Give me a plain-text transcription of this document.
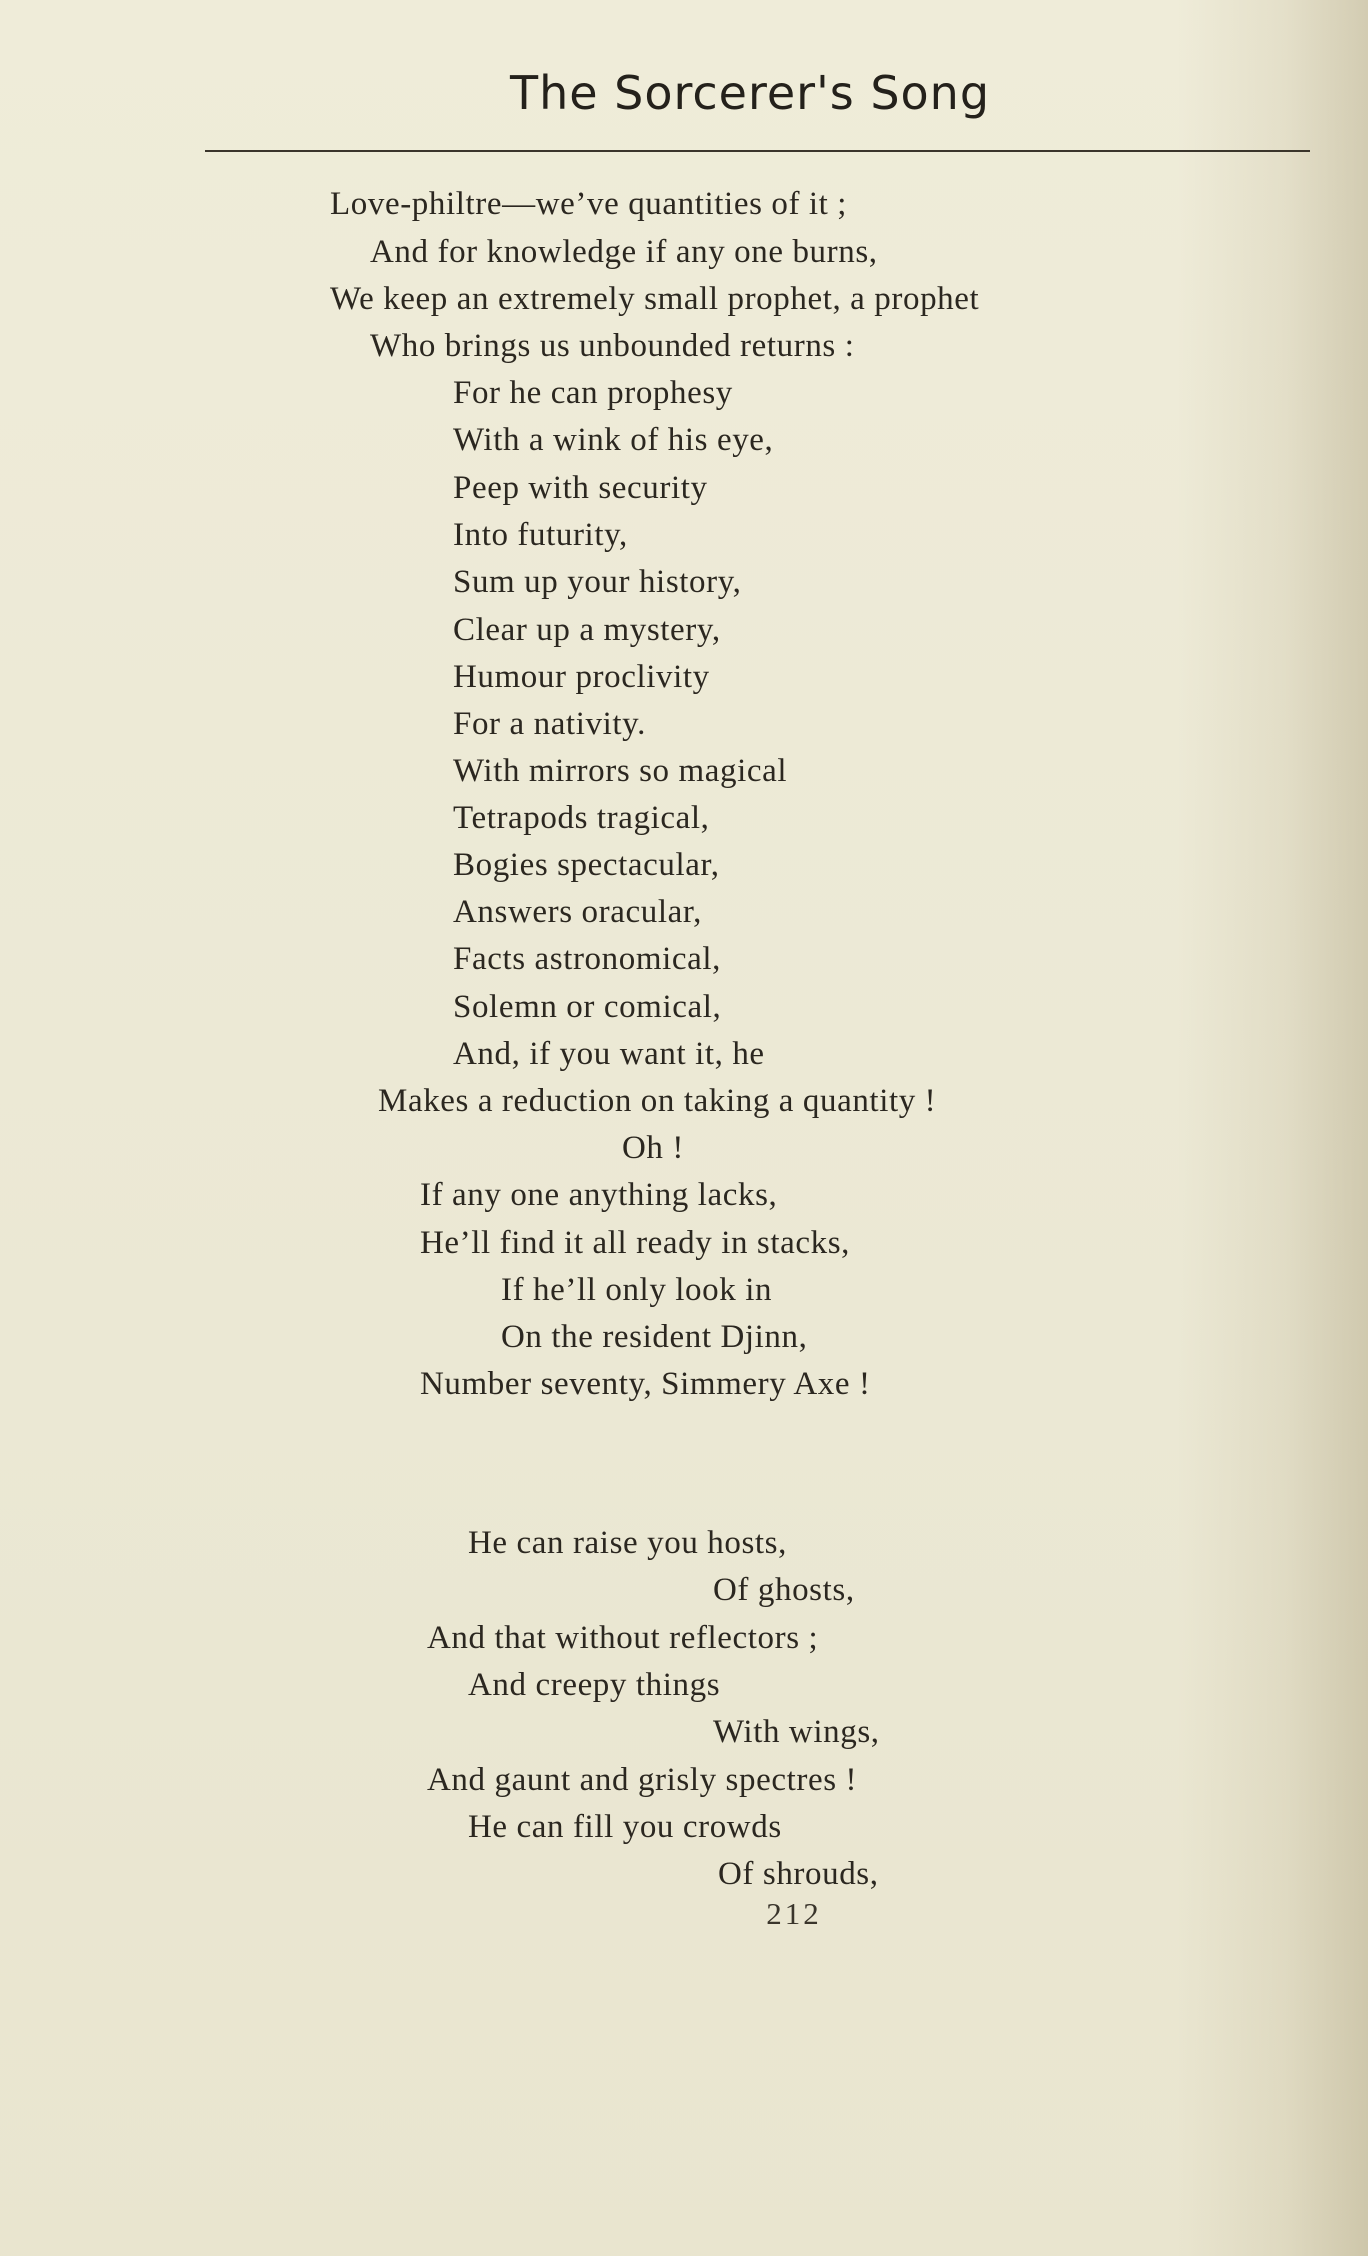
The Sorcerer's Song
Love-philtre—we’ve quantities of it ;
And for knowledge if any one burns,
We keep an extremely small prophet, a prophet
Who brings us unbounded returns :
For he can prophesy
With a wink of his eye,
Peep with security
Into futurity,
Sum up your history,
Clear up a mystery,
Humour proclivity
For a nativity.
With mirrors so magical
Tetrapods tragical,
Bogies spectacular,
Answers oracular,
Facts astronomical,
Solemn or comical,
And, if you want it, he
Makes a reduction on taking a quantity !
Oh !
If any one anything lacks,
He’ll find it all ready in stacks,
If he’ll only look in
On the resident Djinn,
Number seventy, Simmery Axe !
He can raise you hosts,
Of ghosts,
And that without reflectors ;
And creepy things
With wings,
And gaunt and grisly spectres !
He can fill you crowds
Of shrouds,
212
